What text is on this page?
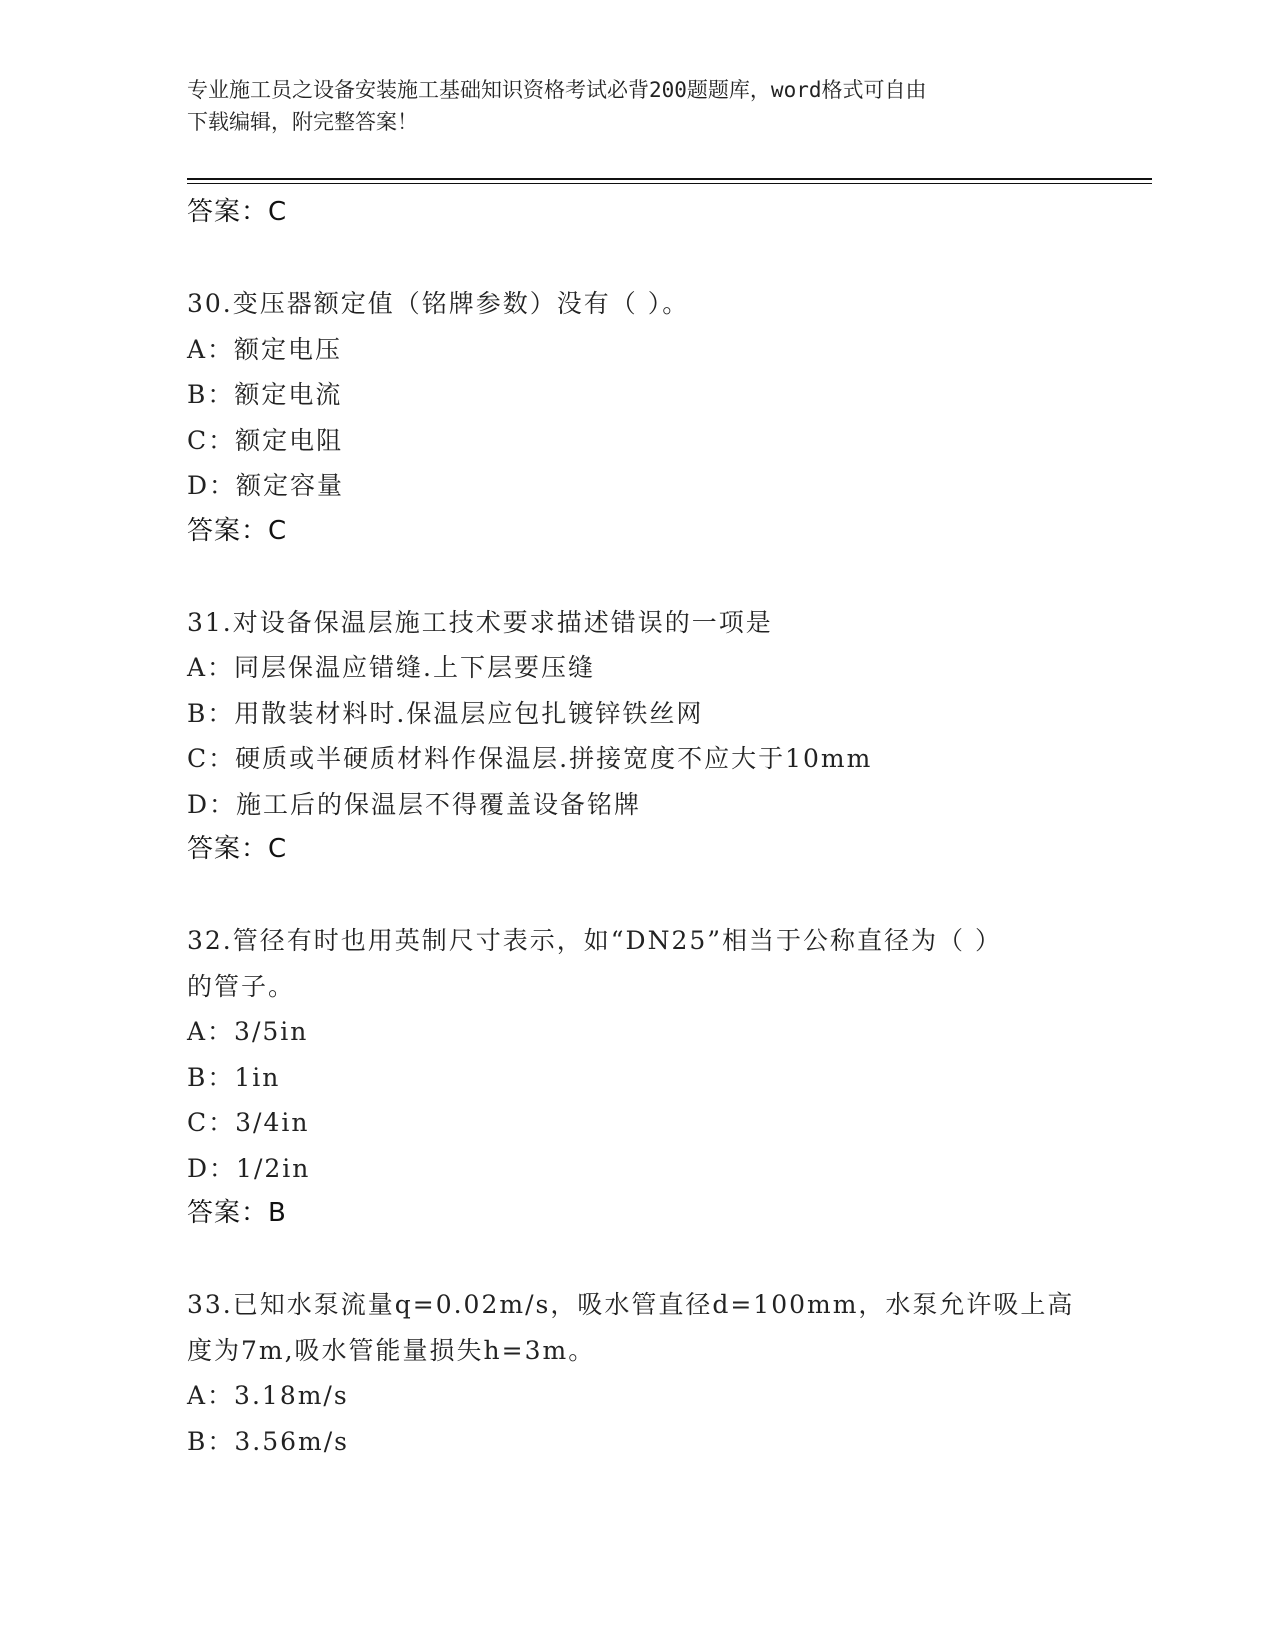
专业施工员之设备安装施工基础知识资格考试必背200题题库，word格式可自由
下载编辑，附完整答案！
答案：C
30.变压器额定值（铭牌参数）没有（ ）。
A：额定电压
B：额定电流
C：额定电阻
D：额定容量
答案：C
31.对设备保温层施工技术要求描述错误的一项是
A：同层保温应错缝.上下层要压缝
B：用散装材料时.保温层应包扎镀锌铁丝网
C：硬质或半硬质材料作保温层.拼接宽度不应大于10mm
D：施工后的保温层不得覆盖设备铭牌
答案：C
32.管径有时也用英制尺寸表示，如“DN25”相当于公称直径为（ ）
的管子。
A：3/5in
B：1in
C：3/4in
D：1/2in
答案：B
33.已知水泵流量q=0.02m/s，吸水管直径d=100mm，水泵允许吸上高
度为7m,吸水管能量损失h=3m。
A：3.18m/s
B：3.56m/s
